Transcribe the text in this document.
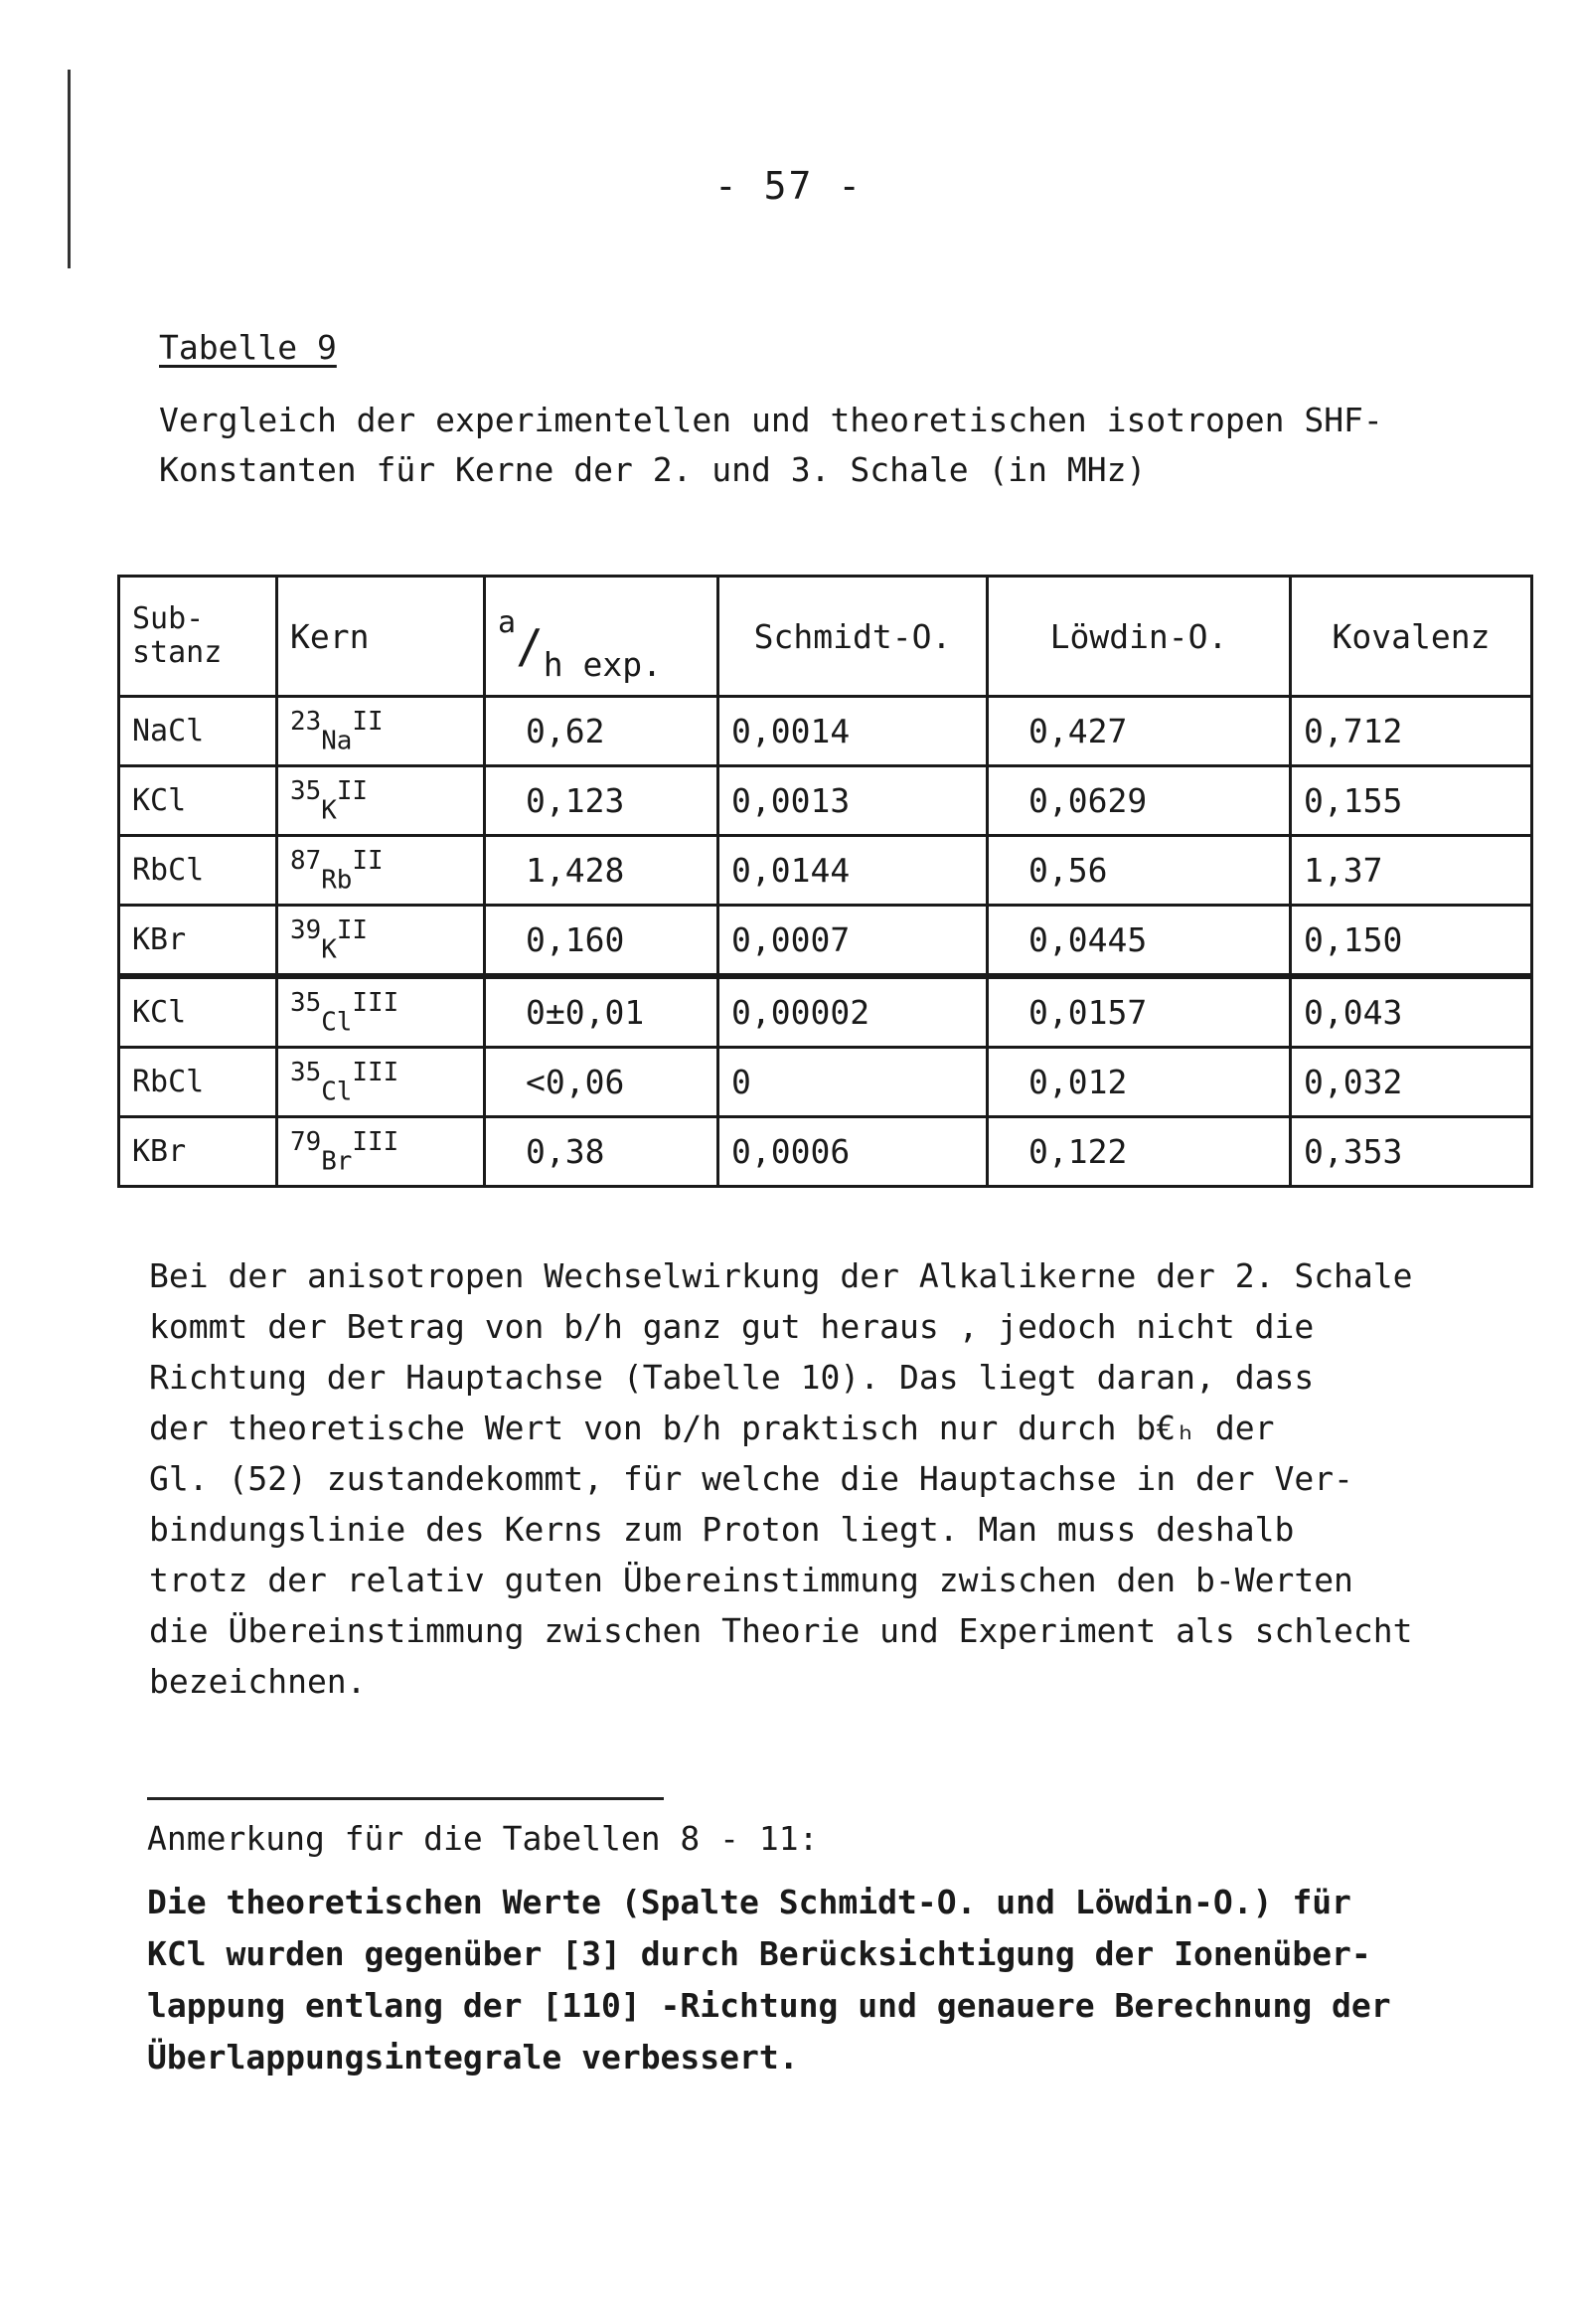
- 57 -
Tabelle 9
Vergleich der experimentellen und theoretischen isotropen SHF-
Konstanten für Kerne der 2. und 3. Schale (in MHz)
Sub-
stanz	Kern	a/h exp.	Schmidt-O.	Löwdin-O.	Kovalenz
NaCl	$^{23}_{Na}^{II}$	0,62	0,0014	0,427	0,712
KCl	$^{35}_K^{II}$	0,123	0,0013	0,0629	0,155
RbCl	$^{87}_{Rb}^{II}$	1,428	0,0144	0,56	1,37
KBr	$^{39}_K^{II}$	0,160	0,0007	0,0445	0,150
KCl	$^{35}_{Cl}^{III}$	0±0,01	0,00002	0,0157	0,043
RbCl	$^{35}_{Cl}^{III}$	<0,06	0	0,012	0,032
KBr	$^{79}_{Br}^{III}$	0,38	0,0006	0,122	0,353
Bei der anisotropen Wechselwirkung der Alkalikerne der 2. Schale
kommt der Betrag von b/h ganz gut heraus , jedoch nicht die
Richtung der Hauptachse (Tabelle 10). Das liegt daran, dass
der theoretische Wert von b/h praktisch nur durch b€ₕ der
Gl. (52) zustandekommt, für welche die Hauptachse in der Ver-
bindungslinie des Kerns zum Proton liegt. Man muss deshalb
trotz der relativ guten Übereinstimmung zwischen den b-Werten
die Übereinstimmung zwischen Theorie und Experiment als schlecht
bezeichnen.
Anmerkung für die Tabellen 8 - 11:
Die theoretischen Werte (Spalte Schmidt-O. und Löwdin-O.) für
KCl wurden gegenüber [3] durch Berücksichtigung der Ionenüber-
lappung entlang der [110] -Richtung und genauere Berechnung der
Überlappungsintegrale verbessert.
